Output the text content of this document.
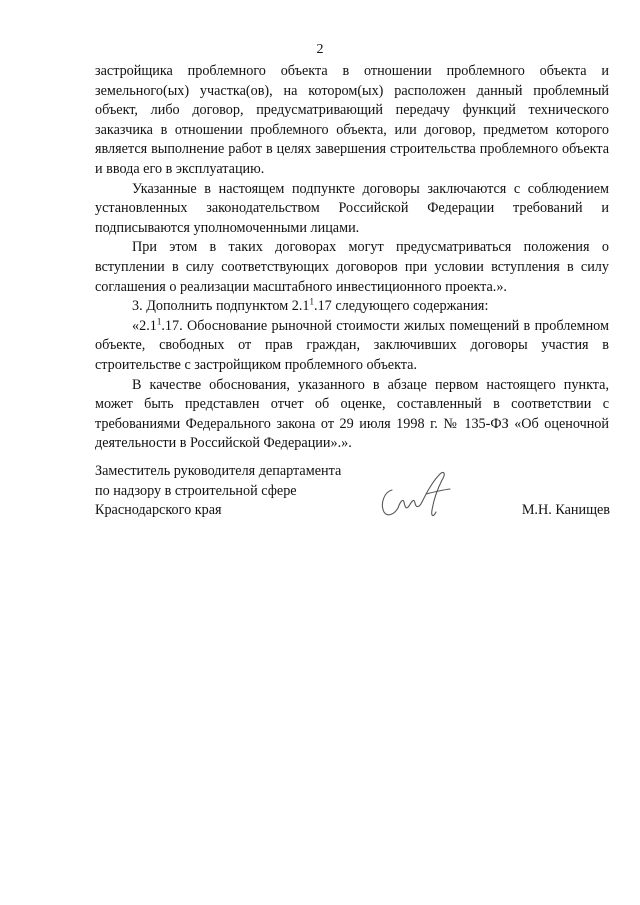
2

застройщика проблемного объекта в отношении проблемного объекта и земельного(ых) участка(ов), на котором(ых) расположен данный проблемный объект, либо договор, предусматривающий передачу функций технического заказчика в отношении проблемного объекта, или договор, предметом которого является выполнение работ в целях завершения строительства проблемного объекта и ввода его в эксплуатацию.

Указанные в настоящем подпункте договоры заключаются с соблюдением установленных законодательством Российской Федерации требований и подписываются уполномоченными лицами.

При этом в таких договорах могут предусматриваться положения о вступлении в силу соответствующих договоров при условии вступления в силу соглашения о реализации масштабного инвестиционного проекта.».

3. Дополнить подпунктом $2.1^1.17$ следующего содержания:

«$2.1^1.17$. Обоснование рыночной стоимости жилых помещений в проблемном объекте, свободных от прав граждан, заключивших договоры участия в строительстве с застройщиком проблемного объекта.

В качестве обоснования, указанного в абзаце первом настоящего пункта, может быть представлен отчет об оценке, составленный в соответствии с требованиями Федерального закона от 29 июля 1998 г. № 135-ФЗ «Об оценочной деятельности в Российской Федерации».».

Заместитель руководителя департамента
по надзору в строительной сфере
Краснодарского края	М.Н. Канищев
